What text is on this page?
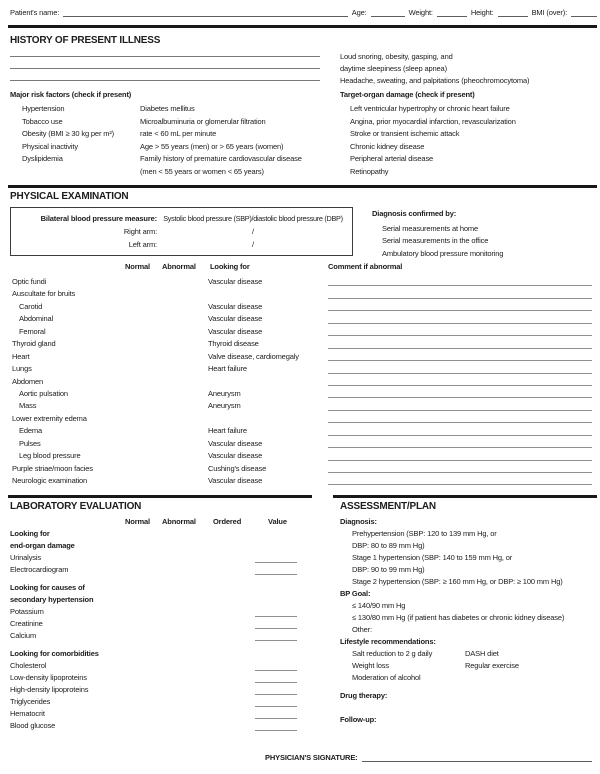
Patient's name:	Age:	Weight:	Height:	BMI (over):
HISTORY OF PRESENT ILLNESS
Loud snoring, obesity, gasping, and
daytime sleepiness (sleep apnea)
Headache, sweating, and palpitations (pheochromocytoma)
Major risk factors (check if present)	Target-organ damage (check if present)
Hypertension
Tobacco use
Obesity (BMI ≥ 30 kg per m²)
Physical inactivity
Dyslipidemia
Diabetes mellitus
Microalbuminuria or glomerular filtration
rate < 60 mL per minute
Age > 55 years (men) or > 65 years (women)
Family history of premature cardiovascular disease
(men < 55 years or women < 65 years)
Left ventricular hypertrophy or chronic heart failure
Angina, prior myocardial infarction, revascularization
Stroke or transient ischemic attack
Chronic kidney disease
Peripheral arterial disease
Retinopathy
PHYSICAL EXAMINATION
Bilateral blood pressure measure: Systolic blood pressure (SBP)/diastolic blood pressure (DBP)
Right arm:	/
Left arm:	/
Diagnosis confirmed by:
Serial measurements at home
Serial measurements in the office
Ambulatory blood pressure monitoring
Normal Abnormal Looking for	Comment if abnormal
Optic fundi	Vascular disease
Auscultate for bruits
Carotid	Vascular disease
Abdominal	Vascular disease
Femoral	Vascular disease
Thyroid gland	Thyroid disease
Heart	Valve disease, cardiomegaly
Lungs	Heart failure
Abdomen
Aortic pulsation	Aneurysm
Mass	Aneurysm
Lower extremity edema
Edema	Heart failure
Pulses	Vascular disease
Leg blood pressure	Vascular disease
Purple striae/moon facies	Cushing's disease
Neurologic examination	Vascular disease
LABORATORY EVALUATION
Normal Abnormal Ordered	Value
Looking for
end-organ damage
Urinalysis
Electrocardiogram
Looking for causes of
secondary hypertension
Potassium
Creatinine
Calcium
Looking for comorbidities
Cholesterol
Low-density lipoproteins
High-density lipoproteins
Triglycerides
Hematocrit
Blood glucose
ASSESSMENT/PLAN
Diagnosis:
Prehypertension (SBP: 120 to 139 mm Hg, or
DBP: 80 to 89 mm Hg)
Stage 1 hypertension (SBP: 140 to 159 mm Hg, or
DBP: 90 to 99 mm Hg)
Stage 2 hypertension (SBP: ≥ 160 mm Hg, or DBP: ≥ 100 mm Hg)
BP Goal:
≤ 140/90 mm Hg
≤ 130/80 mm Hg (if patient has diabetes or chronic kidney disease)
Other:
Lifestyle recommendations:
Salt reduction to 2 g daily	DASH diet
Weight loss	Regular exercise
Moderation of alcohol
Drug therapy:
Follow-up:
PHYSICIAN'S SIGNATURE:
